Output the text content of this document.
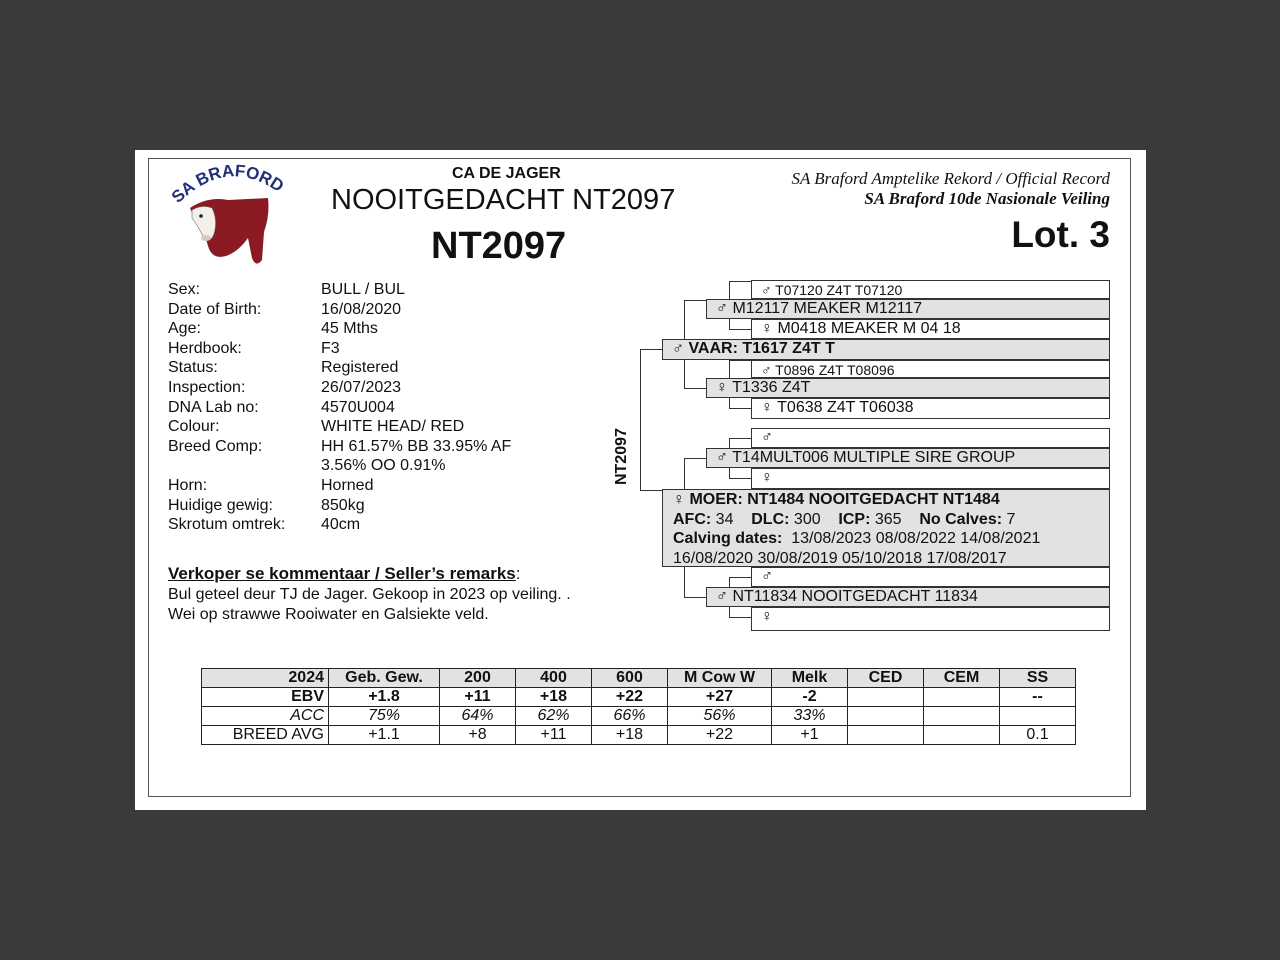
SA BRAFORD	CA DE JAGER
NOOITGEDACHT NT2097
NT2097
SA Braford Amptelike Rekord / Official Record
SA Braford 10de Nasionale Veiling
Lot. 3
Sex:	BULL / BUL
Date of Birth:	16/08/2020
Age:	45 Mths
Herdbook:	F3
Status:	Registered
Inspection:	26/07/2023
DNA Lab no:	4570U004
Colour:	WHITE HEAD/ RED
Breed Comp:	HH 61.57% BB 33.95% AF 3.56% OO 0.91%
Horn:	Horned
Huidige gewig:	850kg
Skrotum omtrek:	40cm
Verkoper se kommentaar / Seller’s remarks:
Bul geteel deur TJ de Jager. Gekoop in 2023 op veiling. . Wei op strawwe Rooiwater en Galsiekte veld.
NT2097
♂ T07120 Z4T T07120
♂ M12117 MEAKER M12117
♀ M0418 MEAKER M 04 18
♂ VAAR: T1617 Z4T T
♂ T0896 Z4T T08096
♀ T1336 Z4T
♀ T0638 Z4T T06038
♂
♂ T14MULT006 MULTIPLE SIRE GROUP
♀
♀ MOER: NT1484 NOOITGEDACHT NT1484
AFC: 34 DLC: 300 ICP: 365 No Calves: 7
Calving dates: 13/08/2023 08/08/2022 14/08/2021
16/08/2020 30/08/2019 05/10/2018 17/08/2017
♂
♂ NT11834 NOOITGEDACHT 11834
♀
2024	Geb. Gew.	200	400	600	M Cow W	Melk	CED	CEM	SS
EBV	+1.8	+11	+18	+22	+27	-2			--
ACC	75%	64%	62%	66%	56%	33%			
BREED AVG	+1.1	+8	+11	+18	+22	+1			0.1
